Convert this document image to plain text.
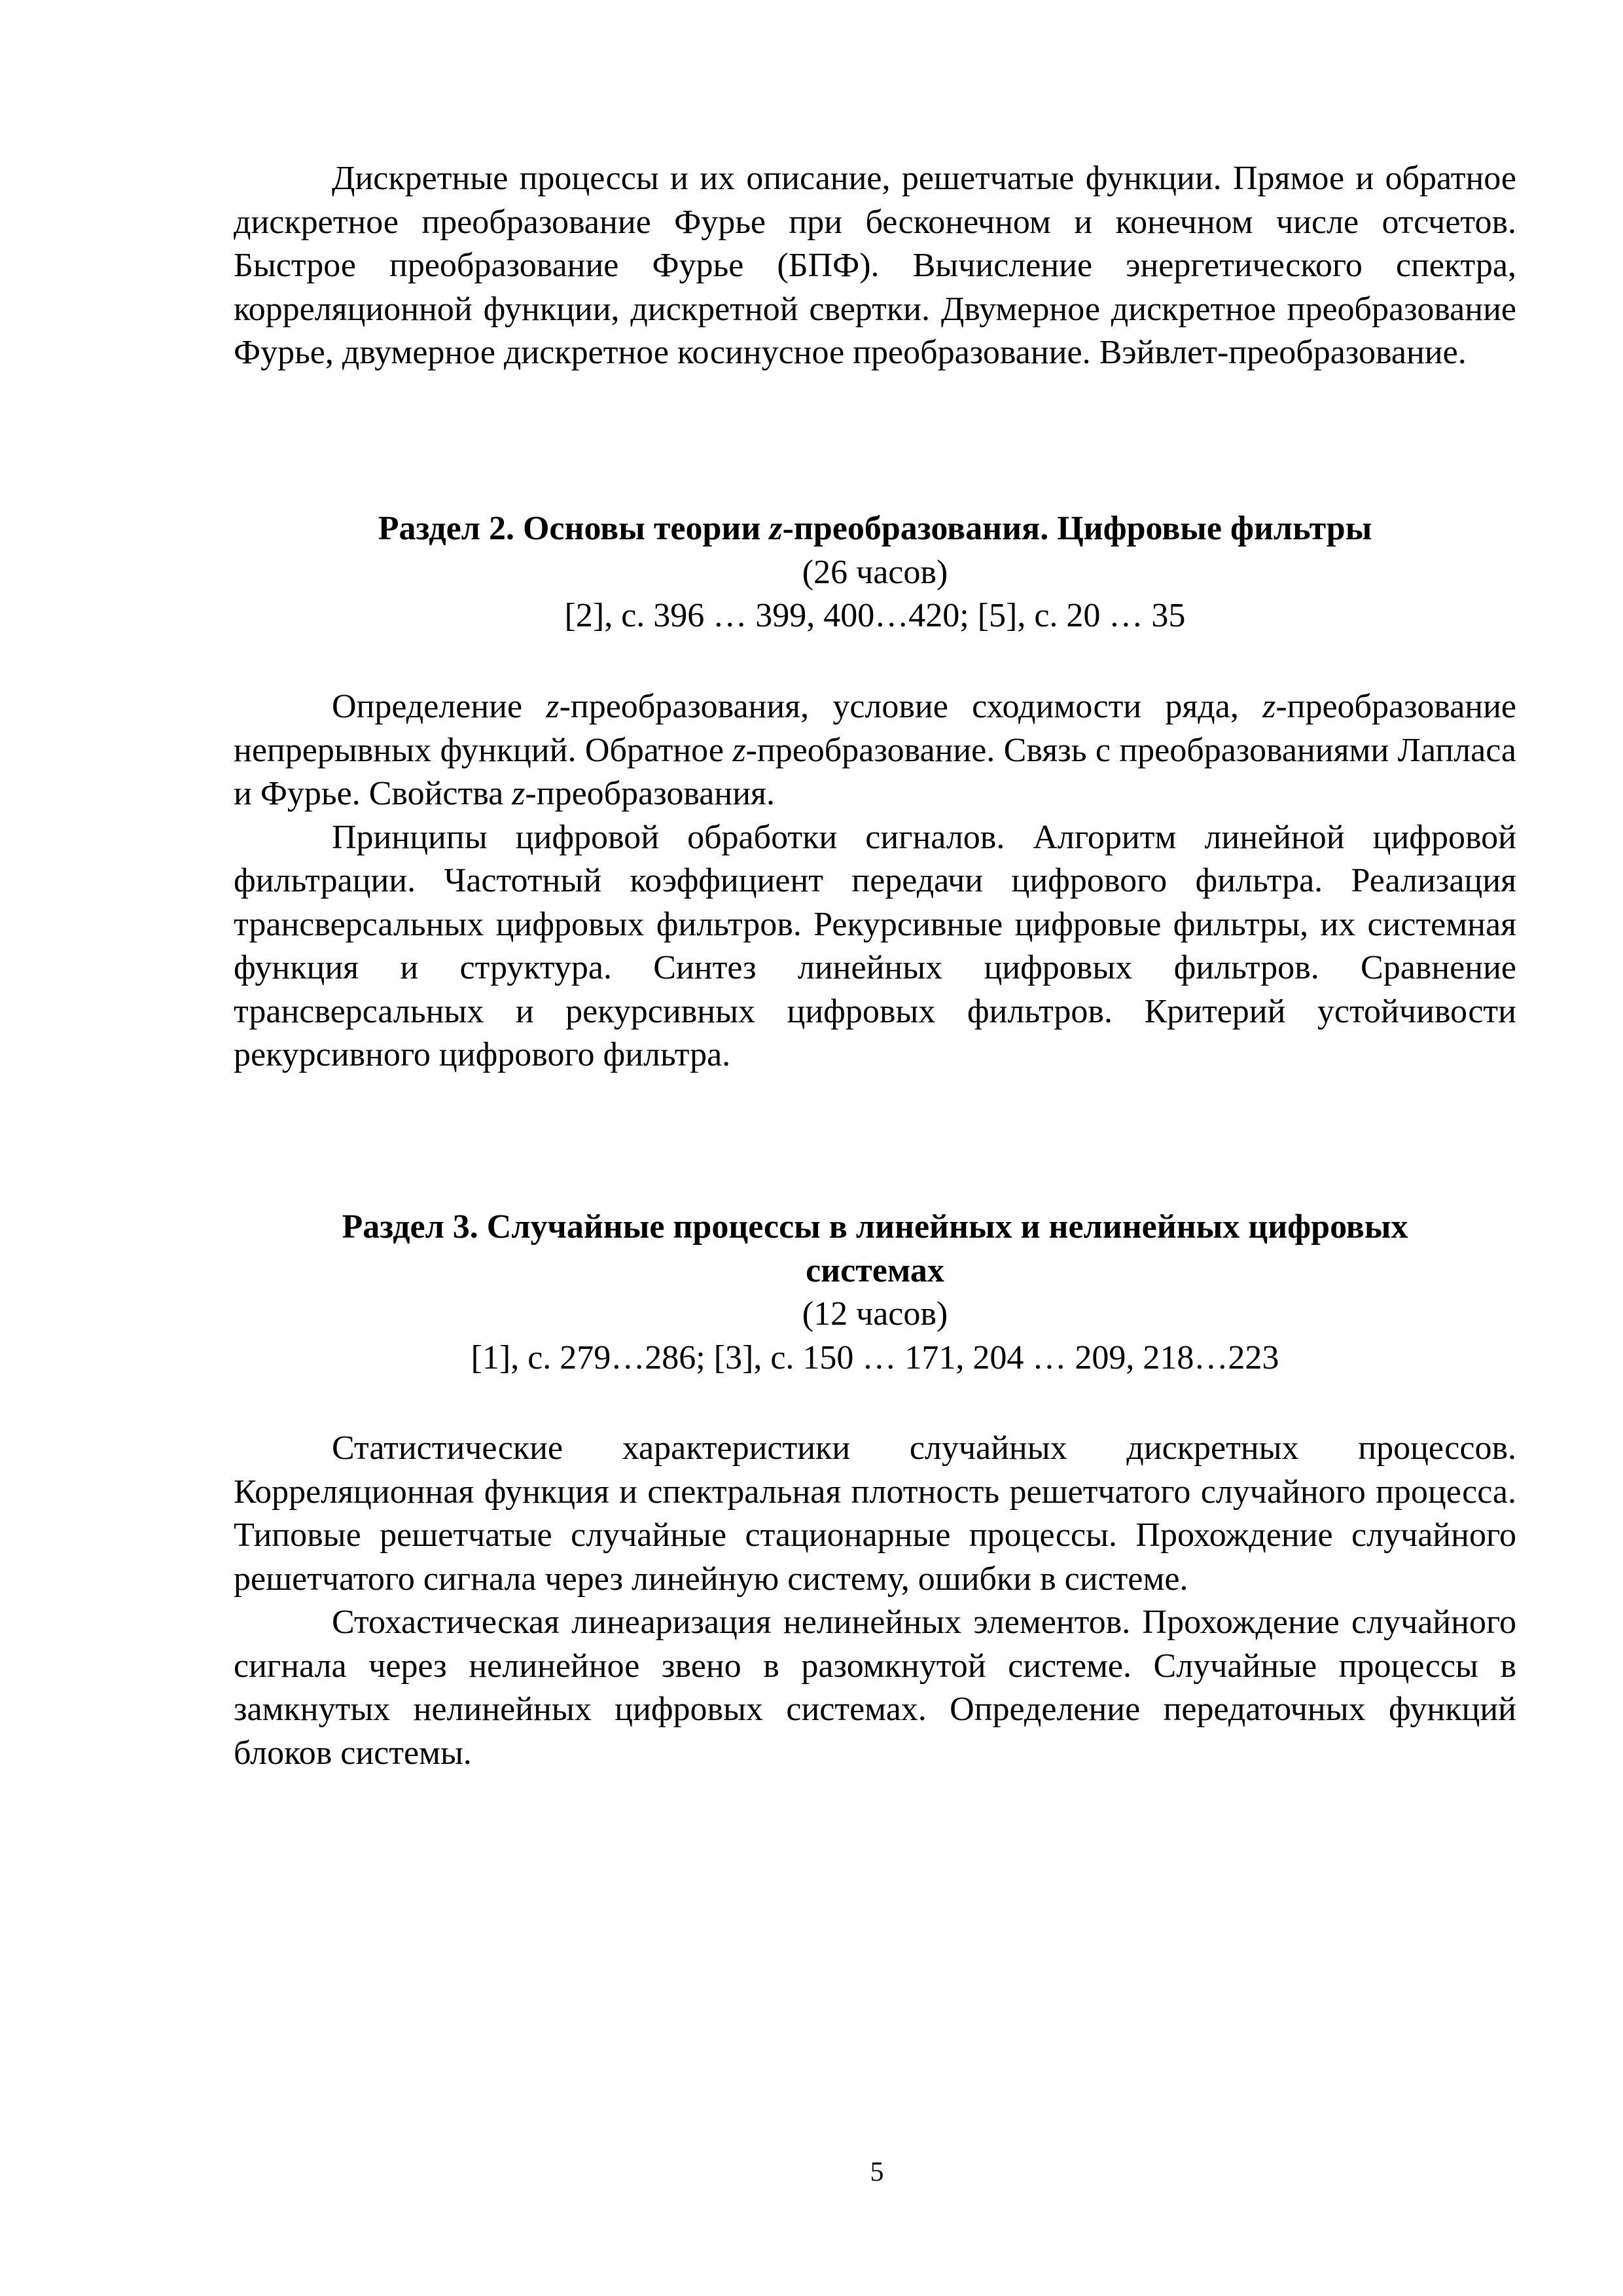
Дискретные процессы и их описание, решетчатые функции. Прямое и обратное дискретное преобразование Фурье при бесконечном и конечном числе отсчетов. Быстрое преобразование Фурье (БПФ). Вычисление энергетического спектра, корреляционной функции, дискретной свертки. Двумерное дискретное преобразование Фурье, двумерное дискретное косинусное преобразование. Вэйвлет-преобразование.

Раздел 2. Основы теории z-преобразования. Цифровые фильтры
(26 часов)
[2], с. 396 … 399, 400…420; [5], с. 20 … 35

Определение z-преобразования, условие сходимости ряда, z-преобразование непрерывных функций. Обратное z-преобразование. Связь с преобразованиями Лапласа и Фурье. Свойства z-преобразования.

Принципы цифровой обработки сигналов. Алгоритм линейной цифровой фильтрации. Частотный коэффициент передачи цифрового фильтра. Реализация трансверсальных цифровых фильтров. Рекурсивные цифровые фильтры, их системная функция и структура. Синтез линейных цифровых фильтров. Сравнение трансверсальных и рекурсивных цифровых фильтров. Критерий устойчивости рекурсивного цифрового фильтра.

Раздел 3. Случайные процессы в линейных и нелинейных цифровых
системах
(12 часов)
[1], с. 279…286; [3], с. 150 … 171, 204 … 209, 218…223

Статистические характеристики случайных дискретных процессов. Корреляционная функция и спектральная плотность решетчатого случайного процесса. Типовые решетчатые случайные стационарные процессы. Прохождение случайного решетчатого сигнала через линейную систему, ошибки в системе.

Стохастическая линеаризация нелинейных элементов. Прохождение случайного сигнала через нелинейное звено в разомкнутой системе. Случайные процессы в замкнутых нелинейных цифровых системах. Определение передаточных функций блоков системы.

5
